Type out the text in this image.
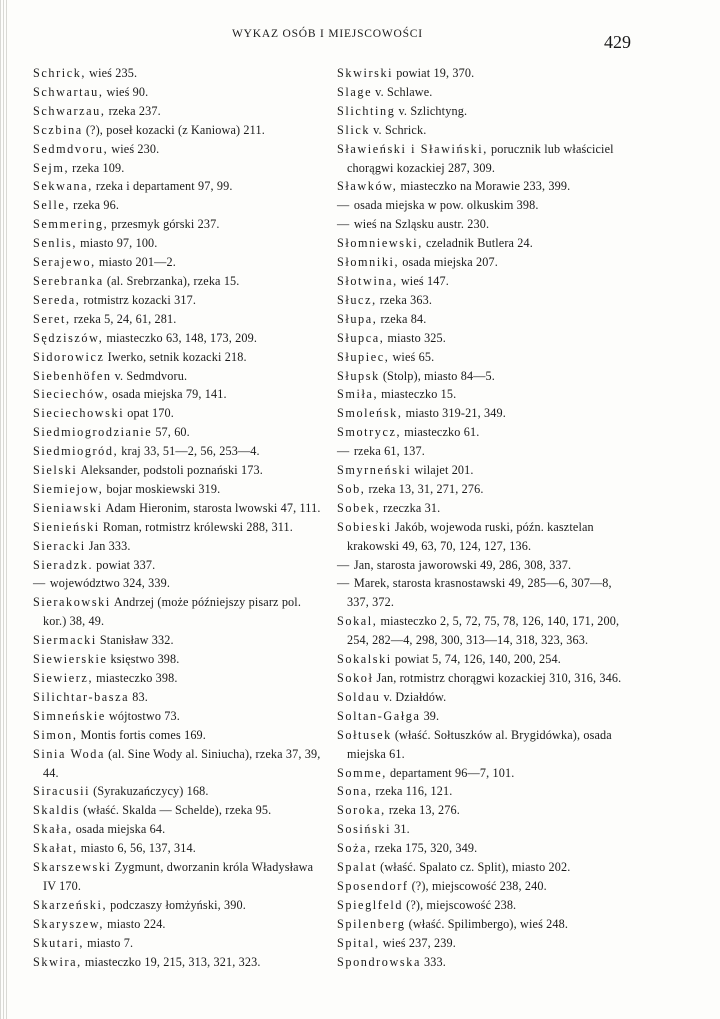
WYKAZ OSÓB I MIEJSCOWOŚCI	429
Schrick, wieś 235.
Schwartau, wieś 90.
Schwarzau, rzeka 237.
Sczbina (?), poseł kozacki (z Kaniowa) 211.
Sedmdvoru, wieś 230.
Sejm, rzeka 109.
Sekwana, rzeka i departament 97, 99.
Selle, rzeka 96.
Semmering, przesmyk górski 237.
Senlis, miasto 97, 100.
Serajewo, miasto 201—2.
Serebranka (al. Srebrzanka), rzeka 15.
Sereda, rotmistrz kozacki 317.
Seret, rzeka 5, 24, 61, 281.
Sędziszów, miasteczko 63, 148, 173, 209.
Sidorowicz Iwerko, setnik kozacki 218.
Siebenhöfen v. Sedmdvoru.
Sieciechów, osada miejska 79, 141.
Sieciechowski opat 170.
Siedmiogrodzianie 57, 60.
Siedmiogród, kraj 33, 51—2, 56, 253—4.
Sielski Aleksander, podstoli poznański 173.
Siemiejow, bojar moskiewski 319.
Sieniawski Adam Hieronim, starosta lwowski 47, 111.
Sienieński Roman, rotmistrz królewski 288, 311.
Sieracki Jan 333.
Sieradzk. powiat 337.
— województwo 324, 339.
Sierakowski Andrzej (może późniejszy pisarz pol. kor.) 38, 49.
Siermacki Stanisław 332.
Siewierskie księstwo 398.
Siewierz, miasteczko 398.
Silichtar-basza 83.
Simneńskie wójtostwo 73.
Simon, Montis fortis comes 169.
Sinia Woda (al. Sine Wody al. Siniucha), rzeka 37, 39, 44.
Siracusii (Syrakuzańczycy) 168.
Skaldis (właść. Skalda — Schelde), rzeka 95.
Skała, osada miejska 64.
Skałat, miasto 6, 56, 137, 314.
Skarszewski Zygmunt, dworzanin króla Władysława IV 170.
Skarzeński, podczaszy łomżyński, 390.
Skaryszew, miasto 224.
Skutari, miasto 7.
Skwira, miasteczko 19, 215, 313, 321, 323.
Skwirski powiat 19, 370.
Slage v. Schlawe.
Slichting v. Szlichtyng.
Slick v. Schrick.
Sławieński i Sławiński, porucznik lub właściciel chorągwi kozackiej 287, 309.
Sławków, miasteczko na Morawie 233, 399.
— osada miejska w pow. olkuskim 398.
— wieś na Szląsku austr. 230.
Słomniewski, czeladnik Butlera 24.
Słomniki, osada miejska 207.
Słotwina, wieś 147.
Słucz, rzeka 363.
Słupa, rzeka 84.
Słupca, miasto 325.
Słupiec, wieś 65.
Słupsk (Stolp), miasto 84—5.
Smiła, miasteczko 15.
Smoleńsk, miasto 319-21, 349.
Smotrycz, miasteczko 61.
— rzeka 61, 137.
Smyrneński wilajet 201.
Sob, rzeka 13, 31, 271, 276.
Sobek, rzeczka 31.
Sobieski Jakób, wojewoda ruski, późn. kasztelan krakowski 49, 63, 70, 124, 127, 136.
— Jan, starosta jaworowski 49, 286, 308, 337.
— Marek, starosta krasnostawski 49, 285—6, 307—8, 337, 372.
Sokal, miasteczko 2, 5, 72, 75, 78, 126, 140, 171, 200, 254, 282—4, 298, 300, 313—14, 318, 323, 363.
Sokalski powiat 5, 74, 126, 140, 200, 254.
Sokoł Jan, rotmistrz chorągwi kozackiej 310, 316, 346.
Soldau v. Działdów.
Soltan-Gałga 39.
Sołtusek (właść. Sołtuszków al. Brygidówka), osada miejska 61.
Somme, departament 96—7, 101.
Sona, rzeka 116, 121.
Soroka, rzeka 13, 276.
Sosiński 31.
Soża, rzeka 175, 320, 349.
Spalat (właść. Spalato cz. Split), miasto 202.
Sposendorf (?), miejscowość 238, 240.
Spieglfeld (?), miejscowość 238.
Spilenberg (właść. Spilimbergo), wieś 248.
Spital, wieś 237, 239.
Spondrowska 333.
